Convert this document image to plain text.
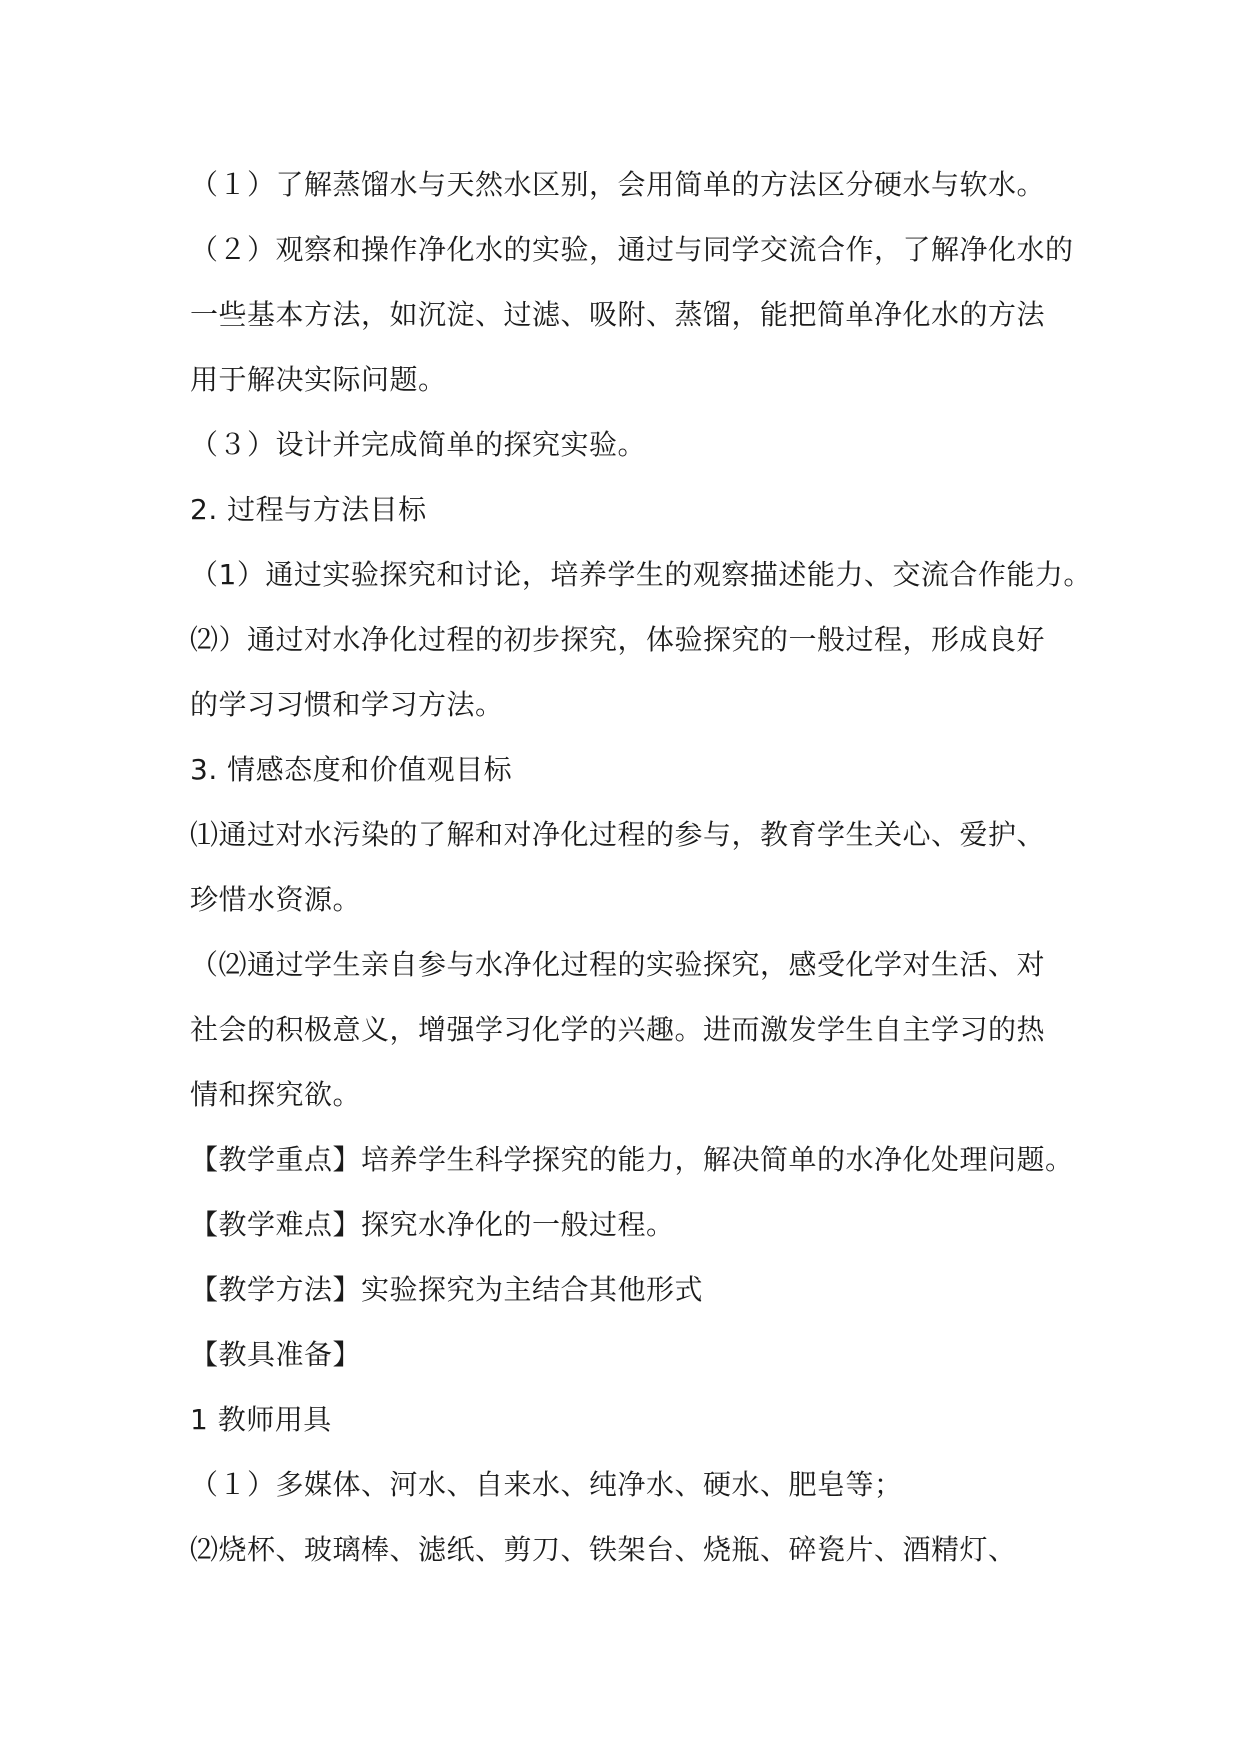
（１）了解蒸馏水与天然水区别，会用简单的方法区分硬水与软水。
（２）观察和操作净化水的实验，通过与同学交流合作，了解净化水的
一些基本方法，如沉淀、过滤、吸附、蒸馏，能把简单净化水的方法
用于解决实际问题。
（３）设计并完成简单的探究实验。
2. 过程与方法目标
（1）通过实验探究和讨论，培养学生的观察描述能力、交流合作能力。
⑵）通过对水净化过程的初步探究，体验探究的一般过程，形成良好
的学习习惯和学习方法。
3. 情感态度和价值观目标
⑴通过对水污染的了解和对净化过程的参与，教育学生关心、爱护、
珍惜水资源。
（⑵通过学生亲自参与水净化过程的实验探究，感受化学对生活、对
社会的积极意义，增强学习化学的兴趣。进而激发学生自主学习的热
情和探究欲。
【教学重点】培养学生科学探究的能力，解决简单的水净化处理问题。
【教学难点】探究水净化的一般过程。
【教学方法】实验探究为主结合其他形式
【教具准备】
1 教师用具
（１）多媒体、河水、自来水、纯净水、硬水、肥皂等；
⑵烧杯、玻璃棒、滤纸、剪刀、铁架台、烧瓶、碎瓷片、酒精灯、
